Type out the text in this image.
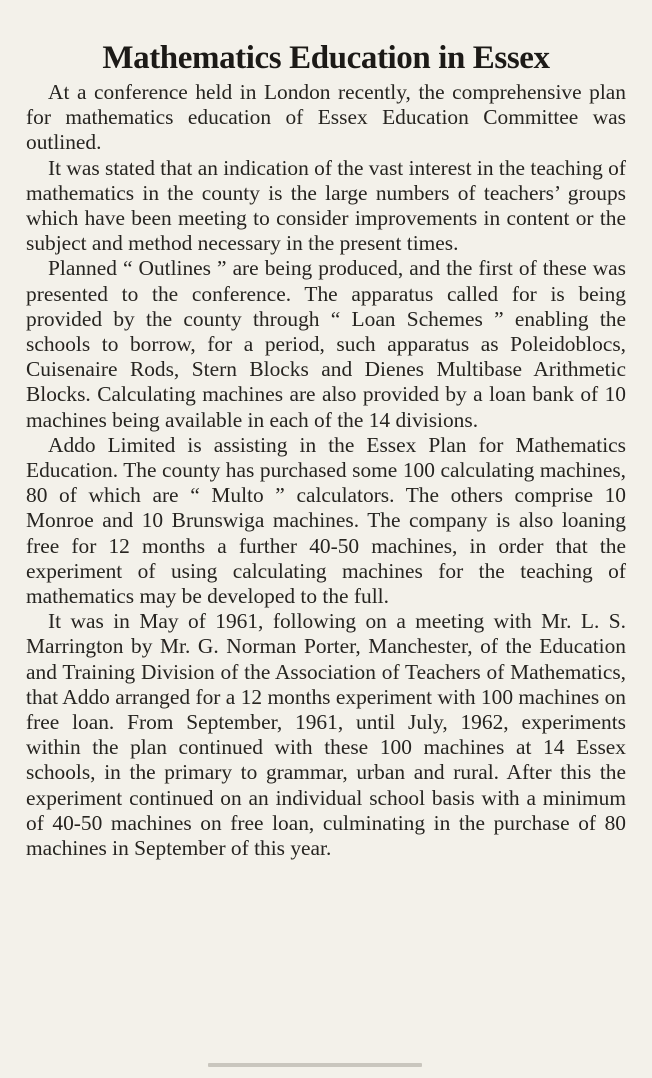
Mathematics Education in Essex

At a conference held in London recently, the comprehensive plan for mathematics education of Essex Education Committee was outlined.

It was stated that an indication of the vast interest in the teaching of mathematics in the county is the large numbers of teachers’ groups which have been meeting to consider improvements in content or the subject and method necessary in the present times.

Planned “ Outlines ” are being produced, and the first of these was presented to the conference. The apparatus called for is being provided by the county through “ Loan Schemes ” enabling the schools to borrow, for a period, such apparatus as Poleidoblocs, Cuisenaire Rods, Stern Blocks and Dienes Multibase Arithmetic Blocks. Calculating machines are also provided by a loan bank of 10 machines being available in each of the 14 divisions.

Addo Limited is assisting in the Essex Plan for Mathematics Education. The county has purchased some 100 calculating machines, 80 of which are “ Multo ” calculators. The others comprise 10 Monroe and 10 Brunswiga machines. The company is also loaning free for 12 months a further 40-50 machines, in order that the experiment of using calculating machines for the teaching of mathematics may be developed to the full.

It was in May of 1961, following on a meeting with Mr. L. S. Marrington by Mr. G. Norman Porter, Manchester, of the Education and Training Division of the Association of Teachers of Mathematics, that Addo arranged for a 12 months experiment with 100 machines on free loan. From September, 1961, until July, 1962, experiments within the plan continued with these 100 machines at 14 Essex schools, in the primary to grammar, urban and rural. After this the experiment continued on an individual school basis with a minimum of 40-50 machines on free loan, culminating in the purchase of 80 machines in September of this year.
